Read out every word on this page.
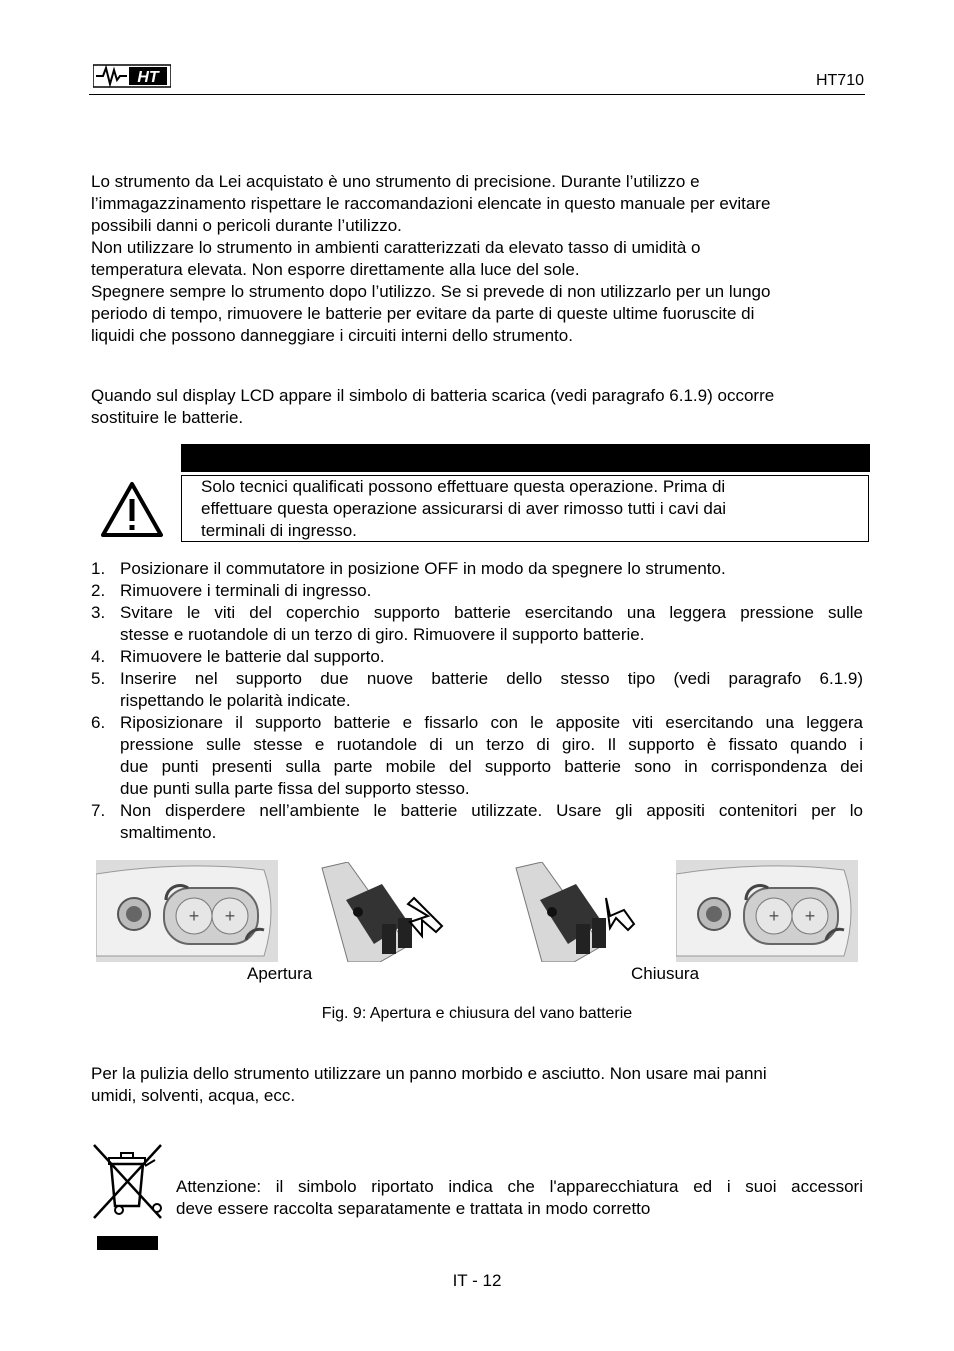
HT	HT710
Lo strumento da Lei acquistato è uno strumento di precisione. Durante l’utilizzo e
l’immagazzinamento rispettare le raccomandazioni elencate in questo manuale per evitare
possibili danni o pericoli durante l’utilizzo.
Non utilizzare lo strumento in ambienti caratterizzati da elevato tasso di umidità o
temperatura elevata. Non esporre direttamente alla luce del sole.
Spegnere sempre lo strumento dopo l’utilizzo. Se si prevede di non utilizzarlo per un lungo
periodo di tempo, rimuovere le batterie per evitare da parte di queste ultime fuoruscite di
liquidi che possono danneggiare i circuiti interni dello strumento.
Quando sul display LCD appare il simbolo di batteria scarica (vedi paragrafo 6.1.9) occorre
sostituire le batterie.
Solo tecnici qualificati possono effettuare questa operazione. Prima di
effettuare questa operazione assicurarsi di aver rimosso tutti i cavi dai
terminali di ingresso.
1. Posizionare il commutatore in posizione OFF in modo da spegnere lo strumento.
2. Rimuovere i terminali di ingresso.
3. Svitare le viti del coperchio supporto batterie esercitando una leggera pressione sulle
stesse e ruotandole di un terzo di giro. Rimuovere il supporto batterie.
4. Rimuovere le batterie dal supporto.
5. Inserire nel supporto due nuove batterie dello stesso tipo (vedi paragrafo 6.1.9)
rispettando le polarità indicate.
6. Riposizionare il supporto batterie e fissarlo con le apposite viti esercitando una leggera
pressione sulle stesse e ruotandole di un terzo di giro. Il supporto è fissato quando i
due punti presenti sulla parte mobile del supporto batterie sono in corrispondenza dei
due punti sulla parte fissa del supporto stesso.
7. Non disperdere nell’ambiente le batterie utilizzate. Usare gli appositi contenitori per lo
smaltimento.
+ +	+ +
Apertura	Chiusura
Fig. 9: Apertura e chiusura del vano batterie
Per la pulizia dello strumento utilizzare un panno morbido e asciutto. Non usare mai panni
umidi, solventi, acqua, ecc.
Attenzione: il simbolo riportato indica che l'apparecchiatura ed i suoi accessori
deve essere raccolta separatamente e trattata in modo corretto
IT - 12
